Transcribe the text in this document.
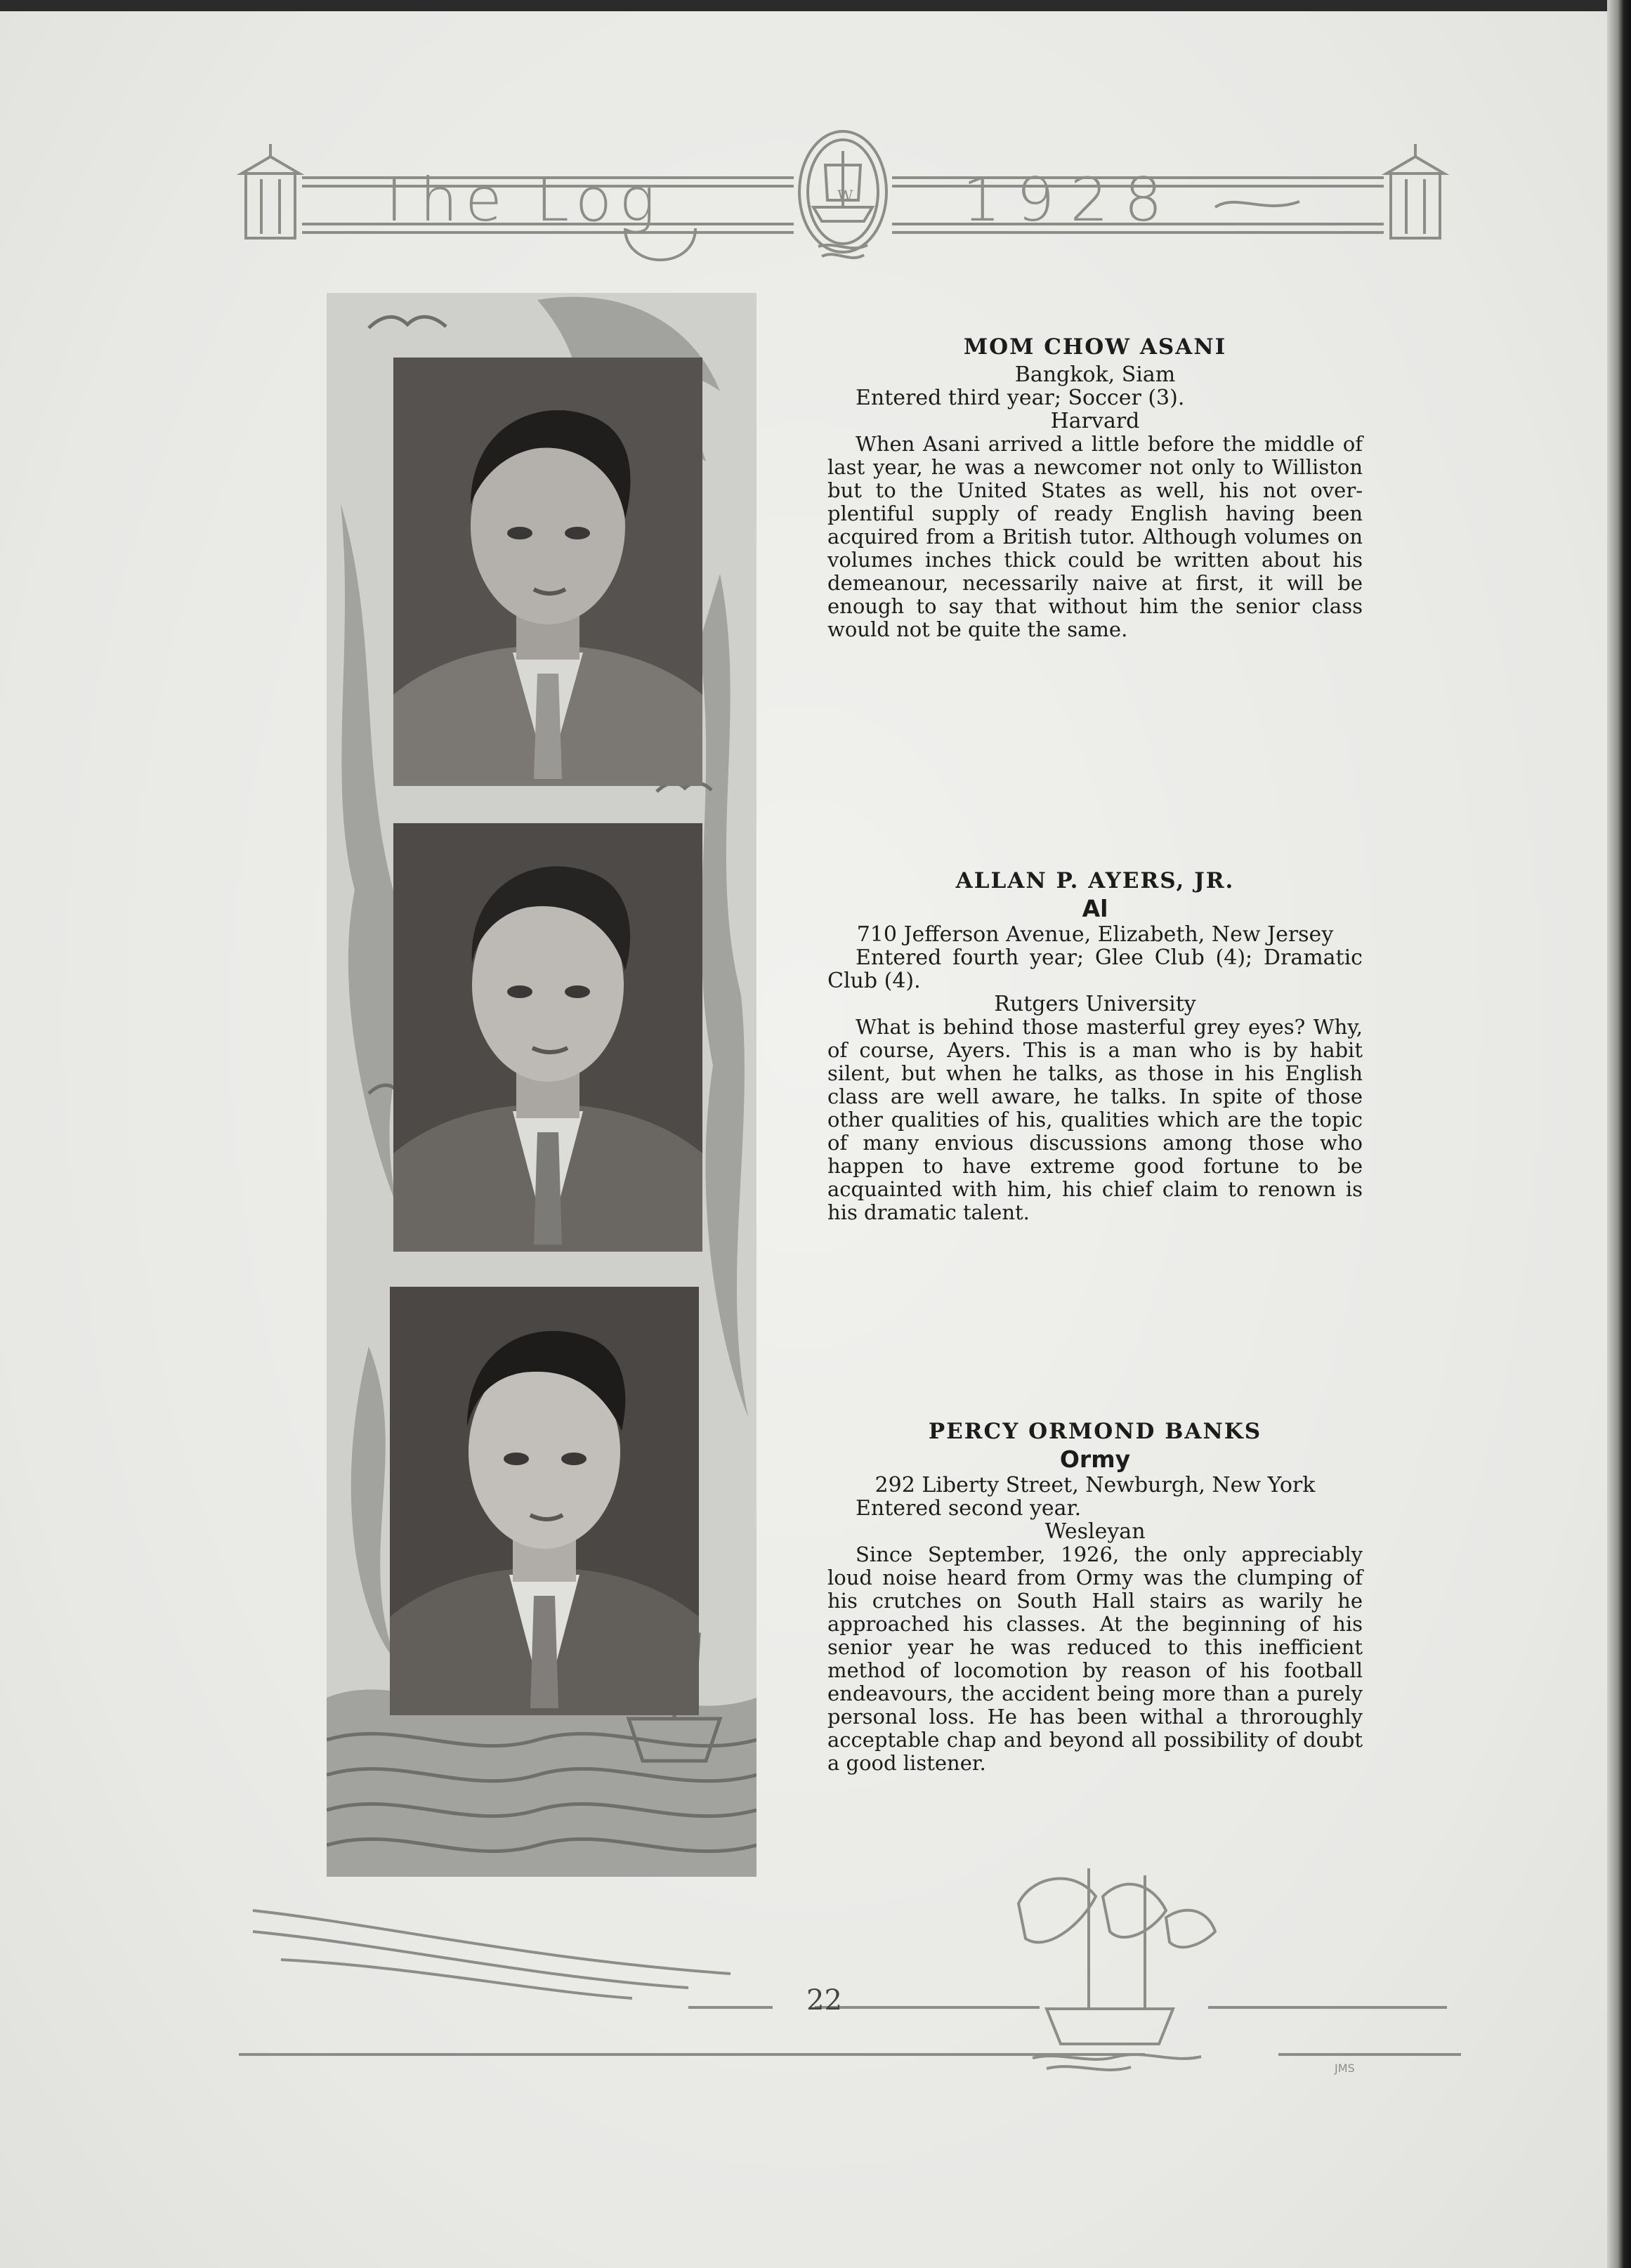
W
The Log	1928
MOM CHOW ASANI
Bangkok, Siam
Entered third year; Soccer (3).
Harvard
When Asani arrived a little before the middle of last year, he was a newcomer not only to Williston but to the United States as well, his not over-plentiful supply of ready English having been acquired from a British tutor. Although volumes on volumes inches thick could be written about his demeanour, necessarily naive at first, it will be enough to say that without him the senior class would not be quite the same.
ALLAN P. AYERS, JR.
Al
710 Jefferson Avenue, Elizabeth, New Jersey
Entered fourth year; Glee Club (4); Dramatic Club (4).
Rutgers University
What is behind those masterful grey eyes? Why, of course, Ayers. This is a man who is by habit silent, but when he talks, as those in his English class are well aware, he talks. In spite of those other qualities of his, qualities which are the topic of many envious discussions among those who happen to have extreme good fortune to be acquainted with him, his chief claim to renown is his dramatic talent.
PERCY ORMOND BANKS
Ormy
292 Liberty Street, Newburgh, New York
Entered second year.
Wesleyan
Since September, 1926, the only appreciably loud noise heard from Ormy was the clumping of his crutches on South Hall stairs as warily he approached his classes. At the beginning of his senior year he was reduced to this inefficient method of locomotion by reason of his football endeavours, the accident being more than a purely personal loss. He has been withal a throroughly acceptable chap and beyond all possibility of doubt a good listener.
JMS
22
